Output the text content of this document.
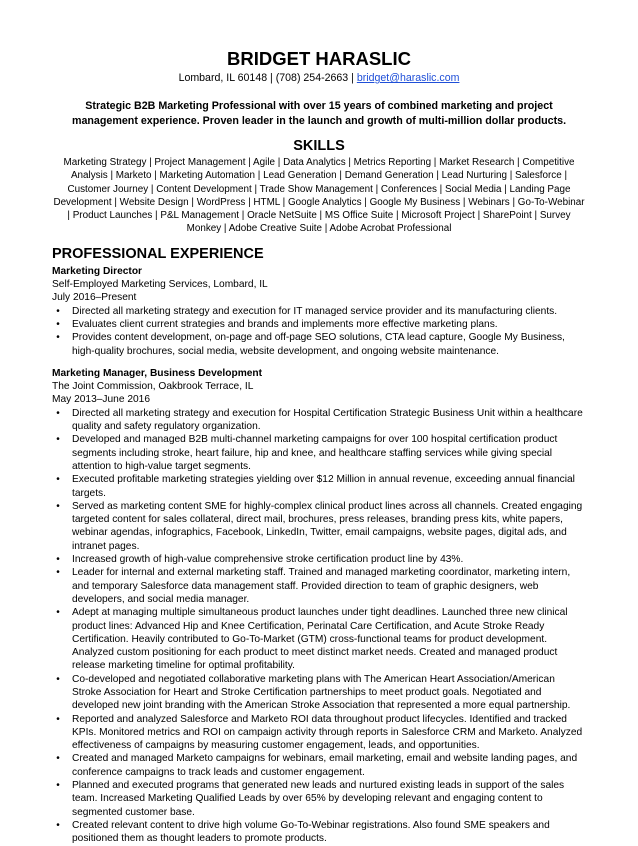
BRIDGET HARASLIC
Lombard, IL 60148 | (708) 254-2663 | bridget@haraslic.com
Strategic B2B Marketing Professional with over 15 years of combined marketing and project management experience. Proven leader in the launch and growth of multi-million dollar products.
SKILLS
Marketing Strategy | Project Management | Agile | Data Analytics | Metrics Reporting | Market Research | Competitive Analysis | Marketo | Marketing Automation | Lead Generation | Demand Generation | Lead Nurturing | Salesforce | Customer Journey | Content Development | Trade Show Management | Conferences | Social Media | Landing Page Development | Website Design | WordPress | HTML | Google Analytics | Google My Business | Webinars | Go-To-Webinar | Product Launches | P&L Management | Oracle NetSuite | MS Office Suite | Microsoft Project | SharePoint | Survey Monkey | Adobe Creative Suite | Adobe Acrobat Professional
PROFESSIONAL EXPERIENCE
Marketing Director
Self-Employed Marketing Services, Lombard, IL
July 2016–Present
•	Directed all marketing strategy and execution for IT managed service provider and its manufacturing clients.
•	Evaluates client current strategies and brands and implements more effective marketing plans.
•	Provides content development, on-page and off-page SEO solutions, CTA lead capture, Google My Business, high-quality brochures, social media, website development, and ongoing website maintenance.
Marketing Manager, Business Development
The Joint Commission, Oakbrook Terrace, IL
May 2013–June 2016
•	Directed all marketing strategy and execution for Hospital Certification Strategic Business Unit within a healthcare quality and safety regulatory organization.
•	Developed and managed B2B multi-channel marketing campaigns for over 100 hospital certification product segments including stroke, heart failure, hip and knee, and healthcare staffing services while giving special attention to high-value target segments.
•	Executed profitable marketing strategies yielding over $12 Million in annual revenue, exceeding annual financial targets.
•	Served as marketing content SME for highly-complex clinical product lines across all channels. Created engaging targeted content for sales collateral, direct mail, brochures, press releases, branding press kits, white papers, webinar agendas, infographics, Facebook, LinkedIn, Twitter, email campaigns, website pages, digital ads, and intranet pages.
•	Increased growth of high-value comprehensive stroke certification product line by 43%.
•	Leader for internal and external marketing staff. Trained and managed marketing coordinator, marketing intern, and temporary Salesforce data management staff. Provided direction to team of graphic designers, web developers, and social media manager.
•	Adept at managing multiple simultaneous product launches under tight deadlines. Launched three new clinical product lines: Advanced Hip and Knee Certification, Perinatal Care Certification, and Acute Stroke Ready Certification. Heavily contributed to Go-To-Market (GTM) cross-functional teams for product development. Analyzed custom positioning for each product to meet distinct market needs. Created and managed product release marketing timeline for optimal profitability.
•	Co-developed and negotiated collaborative marketing plans with The American Heart Association/American Stroke Association for Heart and Stroke Certification partnerships to meet product goals. Negotiated and developed new joint branding with the American Stroke Association that represented a more equal partnership.
•	Reported and analyzed Salesforce and Marketo ROI data throughout product lifecycles. Identified and tracked KPIs. Monitored metrics and ROI on campaign activity through reports in Salesforce CRM and Marketo. Analyzed effectiveness of campaigns by measuring customer engagement, leads, and opportunities.
•	Created and managed Marketo campaigns for webinars, email marketing, email and website landing pages, and conference campaigns to track leads and customer engagement.
•	Planned and executed programs that generated new leads and nurtured existing leads in support of the sales team. Increased Marketing Qualified Leads by over 65% by developing relevant and engaging content to segmented customer base.
•	Created relevant content to drive high volume Go-To-Webinar registrations. Also found SME speakers and positioned them as thought leaders to promote products.
